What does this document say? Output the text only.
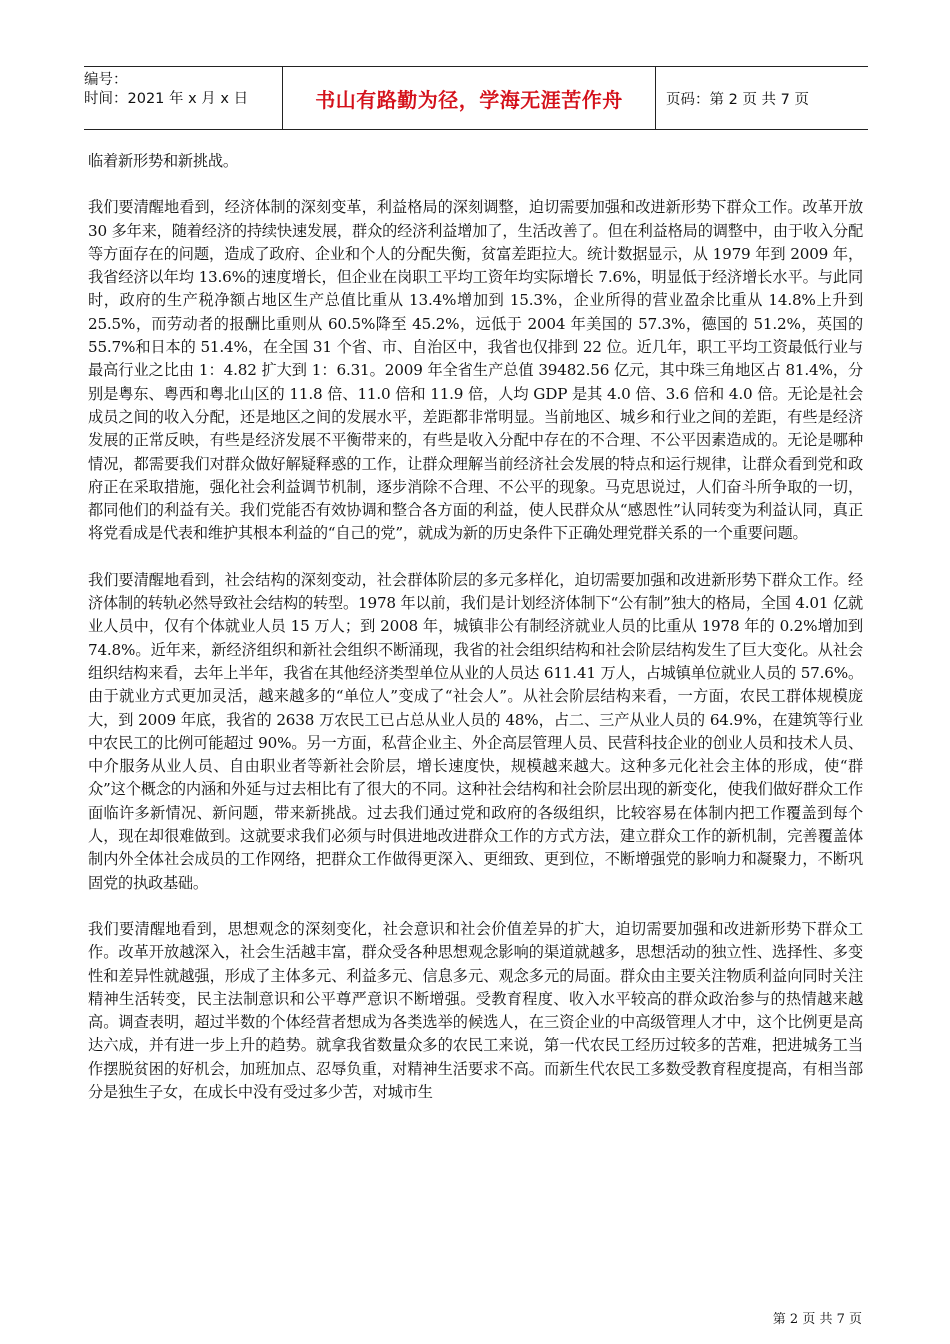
编号：
时间：2021 年 x 月 x 日	书山有路勤为径，学海无涯苦作舟	页码：第 2 页 共 7 页

临着新形势和新挑战。

我们要清醒地看到，经济体制的深刻变革，利益格局的深刻调整，迫切需要加强和改进新形势下群众工作。改革开放 30 多年来，随着经济的持续快速发展，群众的经济利益增加了，生活改善了。但在利益格局的调整中，由于收入分配等方面存在的问题，造成了政府、企业和个人的分配失衡，贫富差距拉大。统计数据显示，从 1979 年到 2009 年，我省经济以年均 13.6%的速度增长，但企业在岗职工平均工资年均实际增长 7.6%，明显低于经济增长水平。与此同时，政府的生产税净额占地区生产总值比重从 13.4%增加到 15.3%，企业所得的营业盈余比重从 14.8%上升到 25.5%，而劳动者的报酬比重则从 60.5%降至 45.2%，远低于 2004 年美国的 57.3%，德国的 51.2%，英国的 55.7%和日本的 51.4%，在全国 31 个省、市、自治区中，我省也仅排到 22 位。近几年，职工平均工资最低行业与最高行业之比由 1：4.82 扩大到 1：6.31。2009 年全省生产总值 39482.56 亿元，其中珠三角地区占 81.4%，分别是粤东、粤西和粤北山区的 11.8 倍、11.0 倍和 11.9 倍，人均 GDP 是其 4.0 倍、3.6 倍和 4.0 倍。无论是社会成员之间的收入分配，还是地区之间的发展水平，差距都非常明显。当前地区、城乡和行业之间的差距，有些是经济发展的正常反映，有些是经济发展不平衡带来的，有些是收入分配中存在的不合理、不公平因素造成的。无论是哪种情况，都需要我们对群众做好解疑释惑的工作，让群众理解当前经济社会发展的特点和运行规律，让群众看到党和政府正在采取措施，强化社会利益调节机制，逐步消除不合理、不公平的现象。马克思说过，人们奋斗所争取的一切，都同他们的利益有关。我们党能否有效协调和整合各方面的利益，使人民群众从“感恩性”认同转变为利益认同，真正将党看成是代表和维护其根本利益的“自己的党”，就成为新的历史条件下正确处理党群关系的一个重要问题。

我们要清醒地看到，社会结构的深刻变动，社会群体阶层的多元多样化，迫切需要加强和改进新形势下群众工作。经济体制的转轨必然导致社会结构的转型。1978 年以前，我们是计划经济体制下“公有制”独大的格局，全国 4.01 亿就业人员中，仅有个体就业人员 15 万人；到 2008 年，城镇非公有制经济就业人员的比重从 1978 年的 0.2%增加到 74.8%。近年来，新经济组织和新社会组织不断涌现，我省的社会组织结构和社会阶层结构发生了巨大变化。从社会组织结构来看，去年上半年，我省在其他经济类型单位从业的人员达 611.41 万人，占城镇单位就业人员的 57.6%。由于就业方式更加灵活，越来越多的“单位人”变成了“社会人”。从社会阶层结构来看，一方面，农民工群体规模庞大，到 2009 年底，我省的 2638 万农民工已占总从业人员的 48%，占二、三产从业人员的 64.9%，在建筑等行业中农民工的比例可能超过 90%。另一方面，私营企业主、外企高层管理人员、民营科技企业的创业人员和技术人员、中介服务从业人员、自由职业者等新社会阶层，增长速度快，规模越来越大。这种多元化社会主体的形成，使“群众”这个概念的内涵和外延与过去相比有了很大的不同。这种社会结构和社会阶层出现的新变化，使我们做好群众工作面临许多新情况、新问题，带来新挑战。过去我们通过党和政府的各级组织，比较容易在体制内把工作覆盖到每个人，现在却很难做到。这就要求我们必须与时俱进地改进群众工作的方式方法，建立群众工作的新机制，完善覆盖体制内外全体社会成员的工作网络，把群众工作做得更深入、更细致、更到位，不断增强党的影响力和凝聚力，不断巩固党的执政基础。

我们要清醒地看到，思想观念的深刻变化，社会意识和社会价值差异的扩大，迫切需要加强和改进新形势下群众工作。改革开放越深入，社会生活越丰富，群众受各种思想观念影响的渠道就越多，思想活动的独立性、选择性、多变性和差异性就越强，形成了主体多元、利益多元、信息多元、观念多元的局面。群众由主要关注物质利益向同时关注精神生活转变，民主法制意识和公平尊严意识不断增强。受教育程度、收入水平较高的群众政治参与的热情越来越高。调查表明，超过半数的个体经营者想成为各类选举的候选人，在三资企业的中高级管理人才中，这个比例更是高达六成，并有进一步上升的趋势。就拿我省数量众多的农民工来说，第一代农民工经历过较多的苦难，把进城务工当作摆脱贫困的好机会，加班加点、忍辱负重，对精神生活要求不高。而新生代农民工多数受教育程度提高，有相当部分是独生子女，在成长中没有受过多少苦，对城市生

第 2 页 共 7 页
